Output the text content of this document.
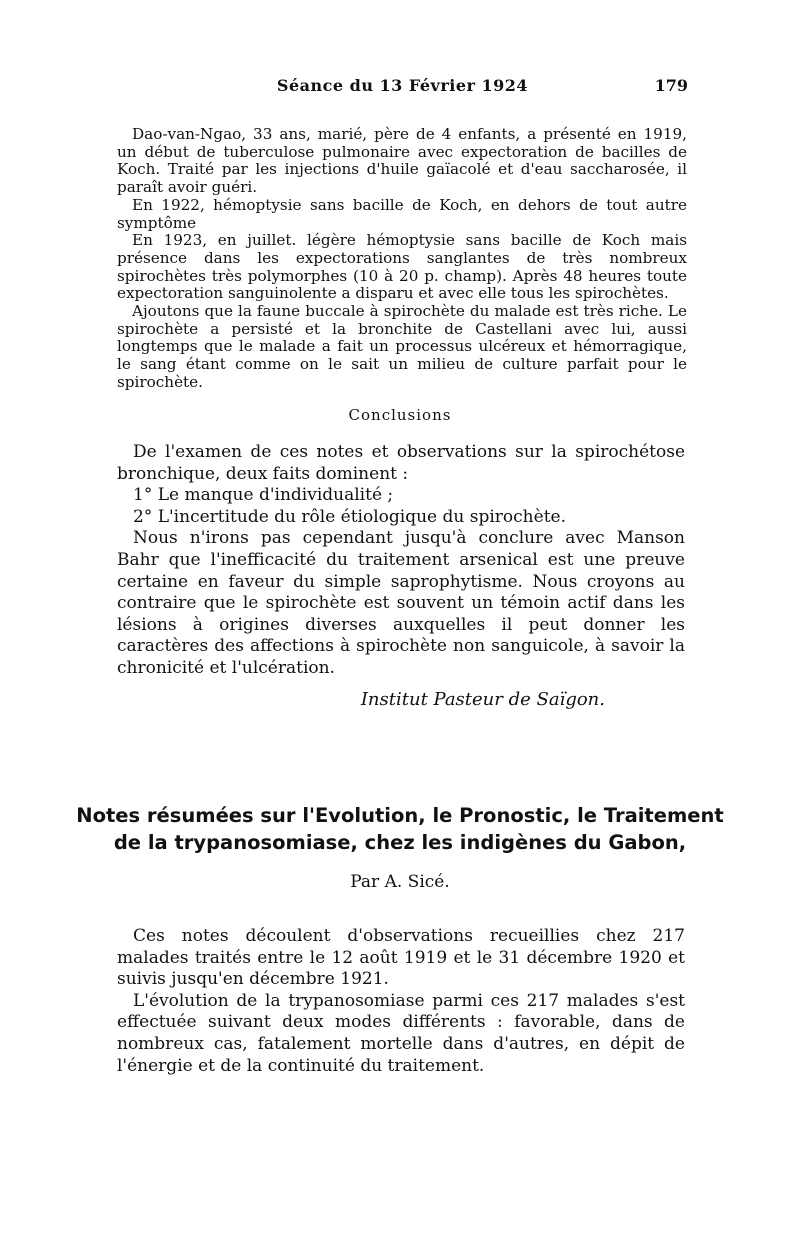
Séance du 13 Février 1924	179

Dao-van-Ngao, 33 ans, marié, père de 4 enfants, a présenté en 1919, un début de tuberculose pulmonaire avec expectoration de bacilles de Koch. Traité par les injections d'huile gaïacolé et d'eau saccharosée, il paraît avoir guéri.

En 1922, hémoptysie sans bacille de Koch, en dehors de tout autre symptôme

En 1923, en juillet. légère hémoptysie sans bacille de Koch mais présence dans les expectorations sanglantes de très nombreux spirochètes très polymorphes (10 à 20 p. champ). Après 48 heures toute expectoration sanguinolente a disparu et avec elle tous les spirochètes.

Ajoutons que la faune buccale à spirochète du malade est très riche. Le spirochète a persisté et la bronchite de Castellani avec lui, aussi longtemps que le malade a fait un processus ulcéreux et hémorragique, le sang étant comme on le sait un milieu de culture parfait pour le spirochète.

Conclusions

De l'examen de ces notes et observations sur la spirochétose bronchique, deux faits dominent :

1° Le manque d'individualité ;

2° L'incertitude du rôle étiologique du spirochète.

Nous n'irons pas cependant jusqu'à conclure avec Manson Bahr que l'inefficacité du traitement arsenical est une preuve certaine en faveur du simple saprophytisme. Nous croyons au contraire que le spirochète est souvent un témoin actif dans les lésions à origines diverses auxquelles il peut donner les caractères des affections à spirochète non sanguicole, à savoir la chronicité et l'ulcération.

Institut Pasteur de Saïgon.
Notes résumées sur l'Evolution, le Pronostic, le Traitement
de la trypanosomiase, chez les indigènes du Gabon,
Par A. Sicé.

Ces notes découlent d'observations recueillies chez 217 malades traités entre le 12 août 1919 et le 31 décembre 1920 et suivis jusqu'en décembre 1921.

L'évolution de la trypanosomiase parmi ces 217 malades s'est effectuée suivant deux modes différents : favorable, dans de nombreux cas, fatalement mortelle dans d'autres, en dépit de l'énergie et de la continuité du traitement.
